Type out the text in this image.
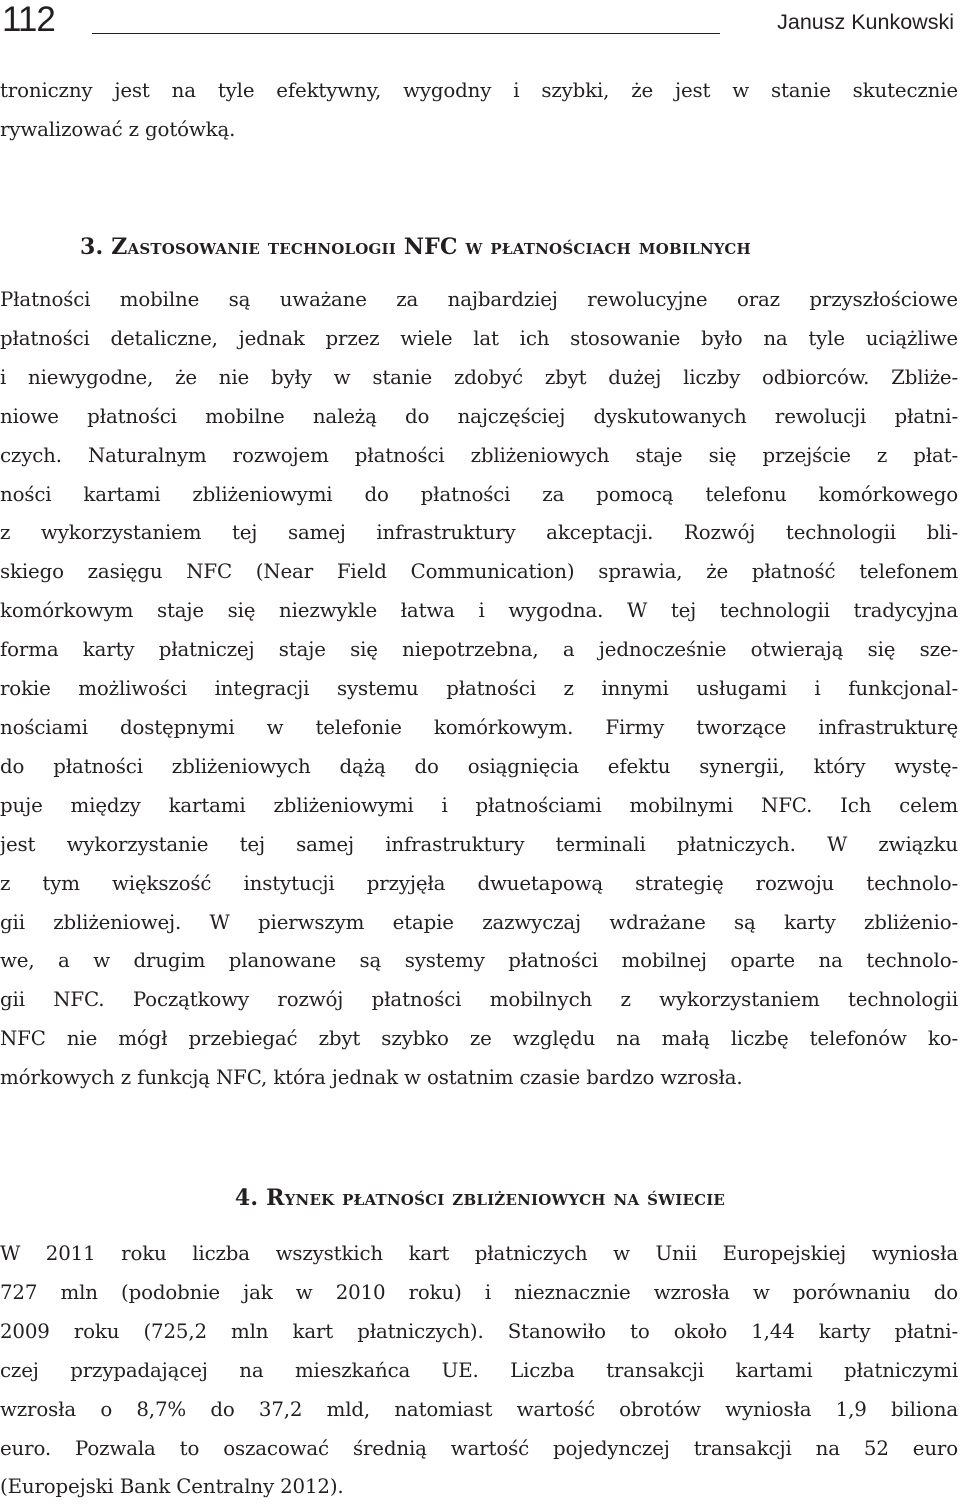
112	Janusz Kunkowski
troniczny jest na tyle efektywny, wygodny i szybki, że jest w stanie skutecznie
rywalizować z gotówką.
3. Zastosowanie technologii NFC w płatnościach mobilnych
Płatności mobilne są uważane za najbardziej rewolucyjne oraz przyszłościowe
płatności detaliczne, jednak przez wiele lat ich stosowanie było na tyle uciążliwe
i niewygodne, że nie były w stanie zdobyć zbyt dużej liczby odbiorców. Zbliże-
niowe płatności mobilne należą do najczęściej dyskutowanych rewolucji płatni-
czych. Naturalnym rozwojem płatności zbliżeniowych staje się przejście z płat-
ności kartami zbliżeniowymi do płatności za pomocą telefonu komórkowego
z wykorzystaniem tej samej infrastruktury akceptacji. Rozwój technologii bli-
skiego zasięgu NFC (Near Field Communication) sprawia, że płatność telefonem
komórkowym staje się niezwykle łatwa i wygodna. W tej technologii tradycyjna
forma karty płatniczej staje się niepotrzebna, a jednocześnie otwierają się sze-
rokie możliwości integracji systemu płatności z innymi usługami i funkcjonal-
nościami dostępnymi w telefonie komórkowym. Firmy tworzące infrastrukturę
do płatności zbliżeniowych dążą do osiągnięcia efektu synergii, który wystę-
puje między kartami zbliżeniowymi i płatnościami mobilnymi NFC. Ich celem
jest wykorzystanie tej samej infrastruktury terminali płatniczych. W związku
z tym większość instytucji przyjęła dwuetapową strategię rozwoju technolo-
gii zbliżeniowej. W pierwszym etapie zazwyczaj wdrażane są karty zbliżenio-
we, a w drugim planowane są systemy płatności mobilnej oparte na technolo-
gii NFC. Początkowy rozwój płatności mobilnych z wykorzystaniem technologii
NFC nie mógł przebiegać zbyt szybko ze względu na małą liczbę telefonów ko-
mórkowych z funkcją NFC, która jednak w ostatnim czasie bardzo wzrosła.
4. Rynek płatności zbliżeniowych na świecie
W 2011 roku liczba wszystkich kart płatniczych w Unii Europejskiej wyniosła
727 mln (podobnie jak w 2010 roku) i nieznacznie wzrosła w porównaniu do
2009 roku (725,2 mln kart płatniczych). Stanowiło to około 1,44 karty płatni-
czej przypadającej na mieszkańca UE. Liczba transakcji kartami płatniczymi
wzrosła o 8,7% do 37,2 mld, natomiast wartość obrotów wyniosła 1,9 biliona
euro. Pozwala to oszacować średnią wartość pojedynczej transakcji na 52 euro
(Europejski Bank Centralny 2012).
